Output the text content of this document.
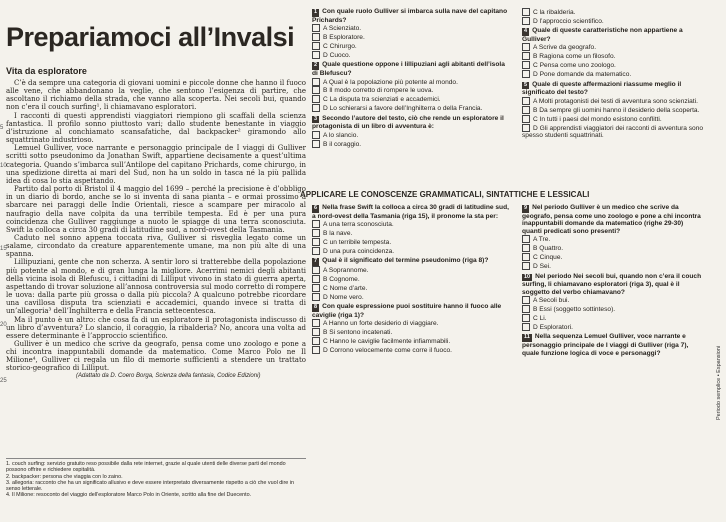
Prepariamoci all’Invalsi

Vita da esploratore

C’è da sempre una categoria di giovani uomini e piccole donne che hanno il fuoco alle vene, che abbandonano la veglie, che sentono l’esigenza di partire, che ascoltano il richiamo della strada, che vanno alla scoperta. Nei secoli bui, quando non c’era il couch surfing¹, li chiamavano esploratori.

I racconti di questi apprendisti viaggiatori riempiono gli scaffali della scienza fantastica. Il profilo sonno piuttosto vari; dallo studente benestante in viaggio d’istruzione al conchiamato scansafatiche, dal backpacker² giramondo allo squattrinato industrioso.

Lemuel Gulliver, voce narrante e personaggio principale de I viaggi di Gulliver scritti sotto pseudonimo da Jonathan Swift, appartiene decisamente a quest’ultima categoria. Quando s’imbarca sull’Antilope del capitano Prichards, come chirurgo, in una spedizione diretta ai mari del Sud, non ha un soldo in tasca né la più pallida idea di cosa lo stia aspettando.

Partito dal porto di Bristol il 4 maggio del 1699 – perché la precisione è d’obbligo in un diario di bordo, anche se lo si inventa di sana pianta – e ormai prossimo a sbarcare nei paraggi delle Indie Orientali, riesce a scampare per miracolo al naufragio della nave colpita da una terribile tempesta. Ed è per una pura coincidenza che Gulliver raggiunge a nuoto le spiagge di una terra sconosciuta. Swift la colloca a circa 30 gradi di latitudine sud, a nord-ovest della Tasmania.

Caduto nel sonno appena toccata riva, Gulliver si risveglia legato come un salame, circondato da creature apparentemente umane, ma non più alte di una spanna.

Lillipuziani, gente che non scherza. A sentir loro si tratterebbe della popolazione più potente al mondo, e di gran lunga la migliore. Acerrimi nemici degli abitanti della vicina isola di Blefuscu, i cittadini di Lilliput vivono in stato di guerra aperta, aspettando di trovar soluzione all’annosa controversia sul modo corretto di rompere le uova: dalla parte più grossa o dalla più piccola? A qualcuno potrebbe ricordare una cavillosa disputa tra scienziati e accademici, quando invece si tratta di un’allegoria³ dell’Inghilterra e della Francia settecentesca.

Ma il punto è un altro: che cosa fa di un esploratore il protagonista indiscusso di un libro d’avventura? Lo slancio, il coraggio, la ribalderia? No, ancora una volta ad essere determinante è l’approccio scientifico.

Gulliver è un medico che scrive da geografo, pensa come uno zoologo e pone a chi incontra inappuntabili domande da matematico. Come Marco Polo ne Il Milione⁴, Gulliver ci regala un filo di memorie sufficienti a stendere un trattato storico-geografico di Lilliput.

(Adattato da D. Coero Borga, Scienza della fantasia, Codice Edizioni)

5
10
15
20
25

1. couch surfing: servizio gratuito reso possibile dalla rete internet, grazie al quale utenti delle diverse parti del mondo possono offrire e richiedere ospitalità.

2. backpacker: persona che viaggia con lo zaino.

3. allegoria: racconto che ha un significato allusivo e deve essere interpretato diversamente rispetto a ciò che vuol dire in senso letterale.

4. Il Milione: resoconto del viaggio dell’esploratore Marco Polo in Oriente, scritto alla fine del Duecento.

1 Con quale ruolo Gulliver si imbarca sulla nave del capitano Prichards?
A Scienziato.
B Esploratore.
C Chirurgo.
D Cuoco.
2 Quale questione oppone i lillipuziani agli abitanti dell’isola di Blefuscu?
A Qual è la popolazione più potente al mondo.
B Il modo corretto di rompere le uova.
C La disputa tra scienziati e accademici.
D Lo schierarsi a favore dell’Inghilterra o della Francia.
3 Secondo l’autore del testo, ciò che rende un esploratore il protagonista di un libro di avventura è:
A lo slancio.
B il coraggio.
C la ribalderia.
D l’approccio scientifico.
4 Quale di queste caratteristiche non appartiene a Gulliver?
A Scrive da geografo.
B Ragiona come un filosofo.
C Pensa come uno zoologo.
D Pone domande da matematico.
5 Quale di queste affermazioni riassume meglio il significato del testo?
A Molti protagonisti dei testi di avventura sono scienziati.
B Da sempre gli uomini hanno il desiderio della scoperta.
C In tutti i paesi del mondo esistono conflitti.
D Gli apprendisti viaggiatori dei racconti di avventura sono spesso studenti squattrinati.
APPLICARE LE CONOSCENZE GRAMMATICALI, SINTATTICHE E LESSICALI
6 Nella frase Swift la colloca a circa 30 gradi di latitudine sud, a nord-ovest della Tasmania (riga 15), il pronome la sta per:
A una terra sconosciuta.
B la nave.
C un terribile tempesta.
D una pura coincidenza.
7 Qual è il significato del termine pseudonimo (riga 8)?
A Soprannome.
B Cognome.
C Nome d’arte.
D Nome vero.
8 Con quale espressione puoi sostituire hanno il fuoco alle caviglie (riga 1)?
A Hanno un forte desiderio di viaggiare.
B Si sentono incatenati.
C Hanno le caviglie facilmente infiammabili.
D Corrono velocemente come corre il fuoco.
9 Nel periodo Gulliver è un medico che scrive da geografo, pensa come uno zoologo e pone a chi incontra inappuntabili domande da matematico (righe 29-30) quanti predicati sono presenti?
A Tre.
B Quattro.
C Cinque.
D Sei.
10 Nel periodo Nei secoli bui, quando non c’era il couch surfing, li chiamavano esploratori (riga 3), qual è il soggetto del verbo chiamavano?
A Secoli bui.
B Essi (soggetto sottinteso).
C Li.
D Esploratori.
11 Nella sequenza Lemuel Gulliver, voce narrante e personaggio principale de I viaggi di Gulliver (riga 7), quale funzione logica di voce e personaggi?	Periodo semplice • Espansioni
